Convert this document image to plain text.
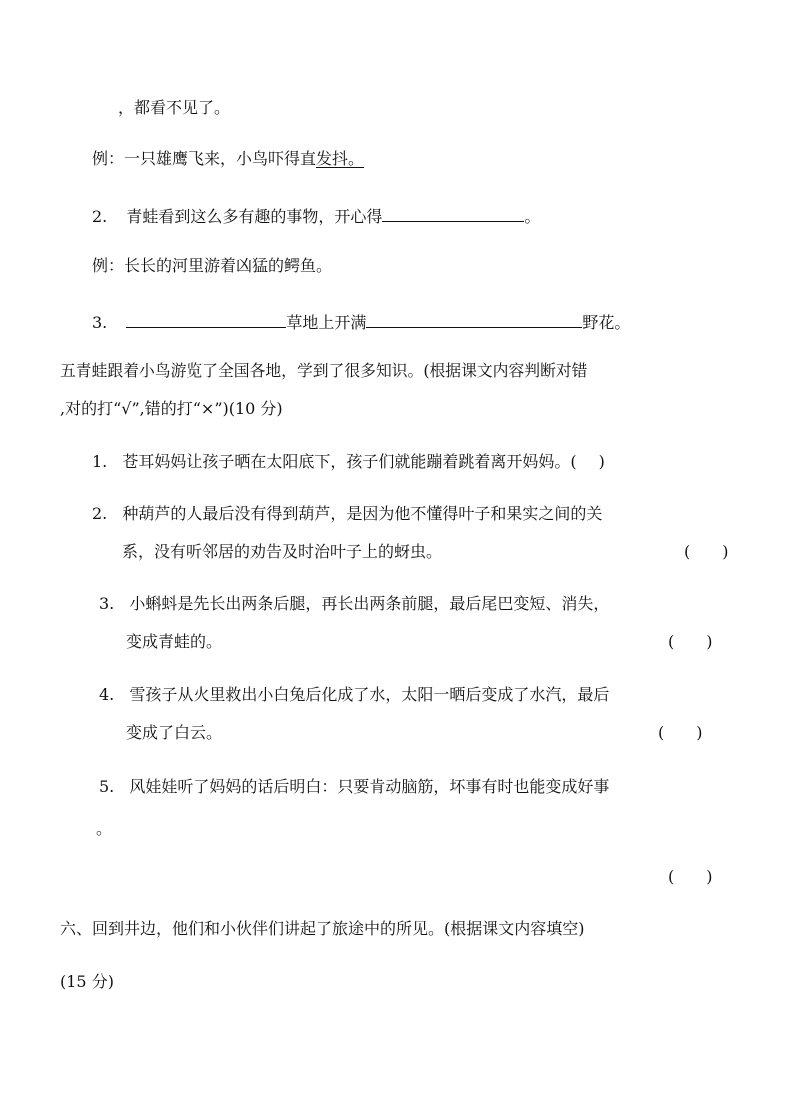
，都看不见了。
例：一只雄鹰飞来，小鸟吓得直发抖。
2. 青蛙看到这么多有趣的事物，开心得	。
例：长长的河里游着凶猛的鳄鱼。
3.	草地上开满	野花。
五青蛙跟着小鸟游览了全国各地，学到了很多知识。(根据课文内容判断对错
,对的打“√”,错的打“×”)(10 分)
1. 苍耳妈妈让孩子晒在太阳底下，孩子们就能蹦着跳着离开妈妈。( )
2. 种葫芦的人最后没有得到葫芦，是因为他不懂得叶子和果实之间的关
系，没有听邻居的劝告及时治叶子上的蚜虫。	(　　)
3. 小蝌蚪是先长出两条后腿，再长出两条前腿，最后尾巴变短、消失，
变成青蛙的。	(　　)
4. 雪孩子从火里救出小白兔后化成了水，太阳一晒后变成了水汽，最后
变成了白云。	(　　)
5. 风娃娃听了妈妈的话后明白：只要肯动脑筋，坏事有时也能变成好事
。
(　　)
六、回到井边，他们和小伙伴们讲起了旅途中的所见。(根据课文内容填空)
(15 分)
